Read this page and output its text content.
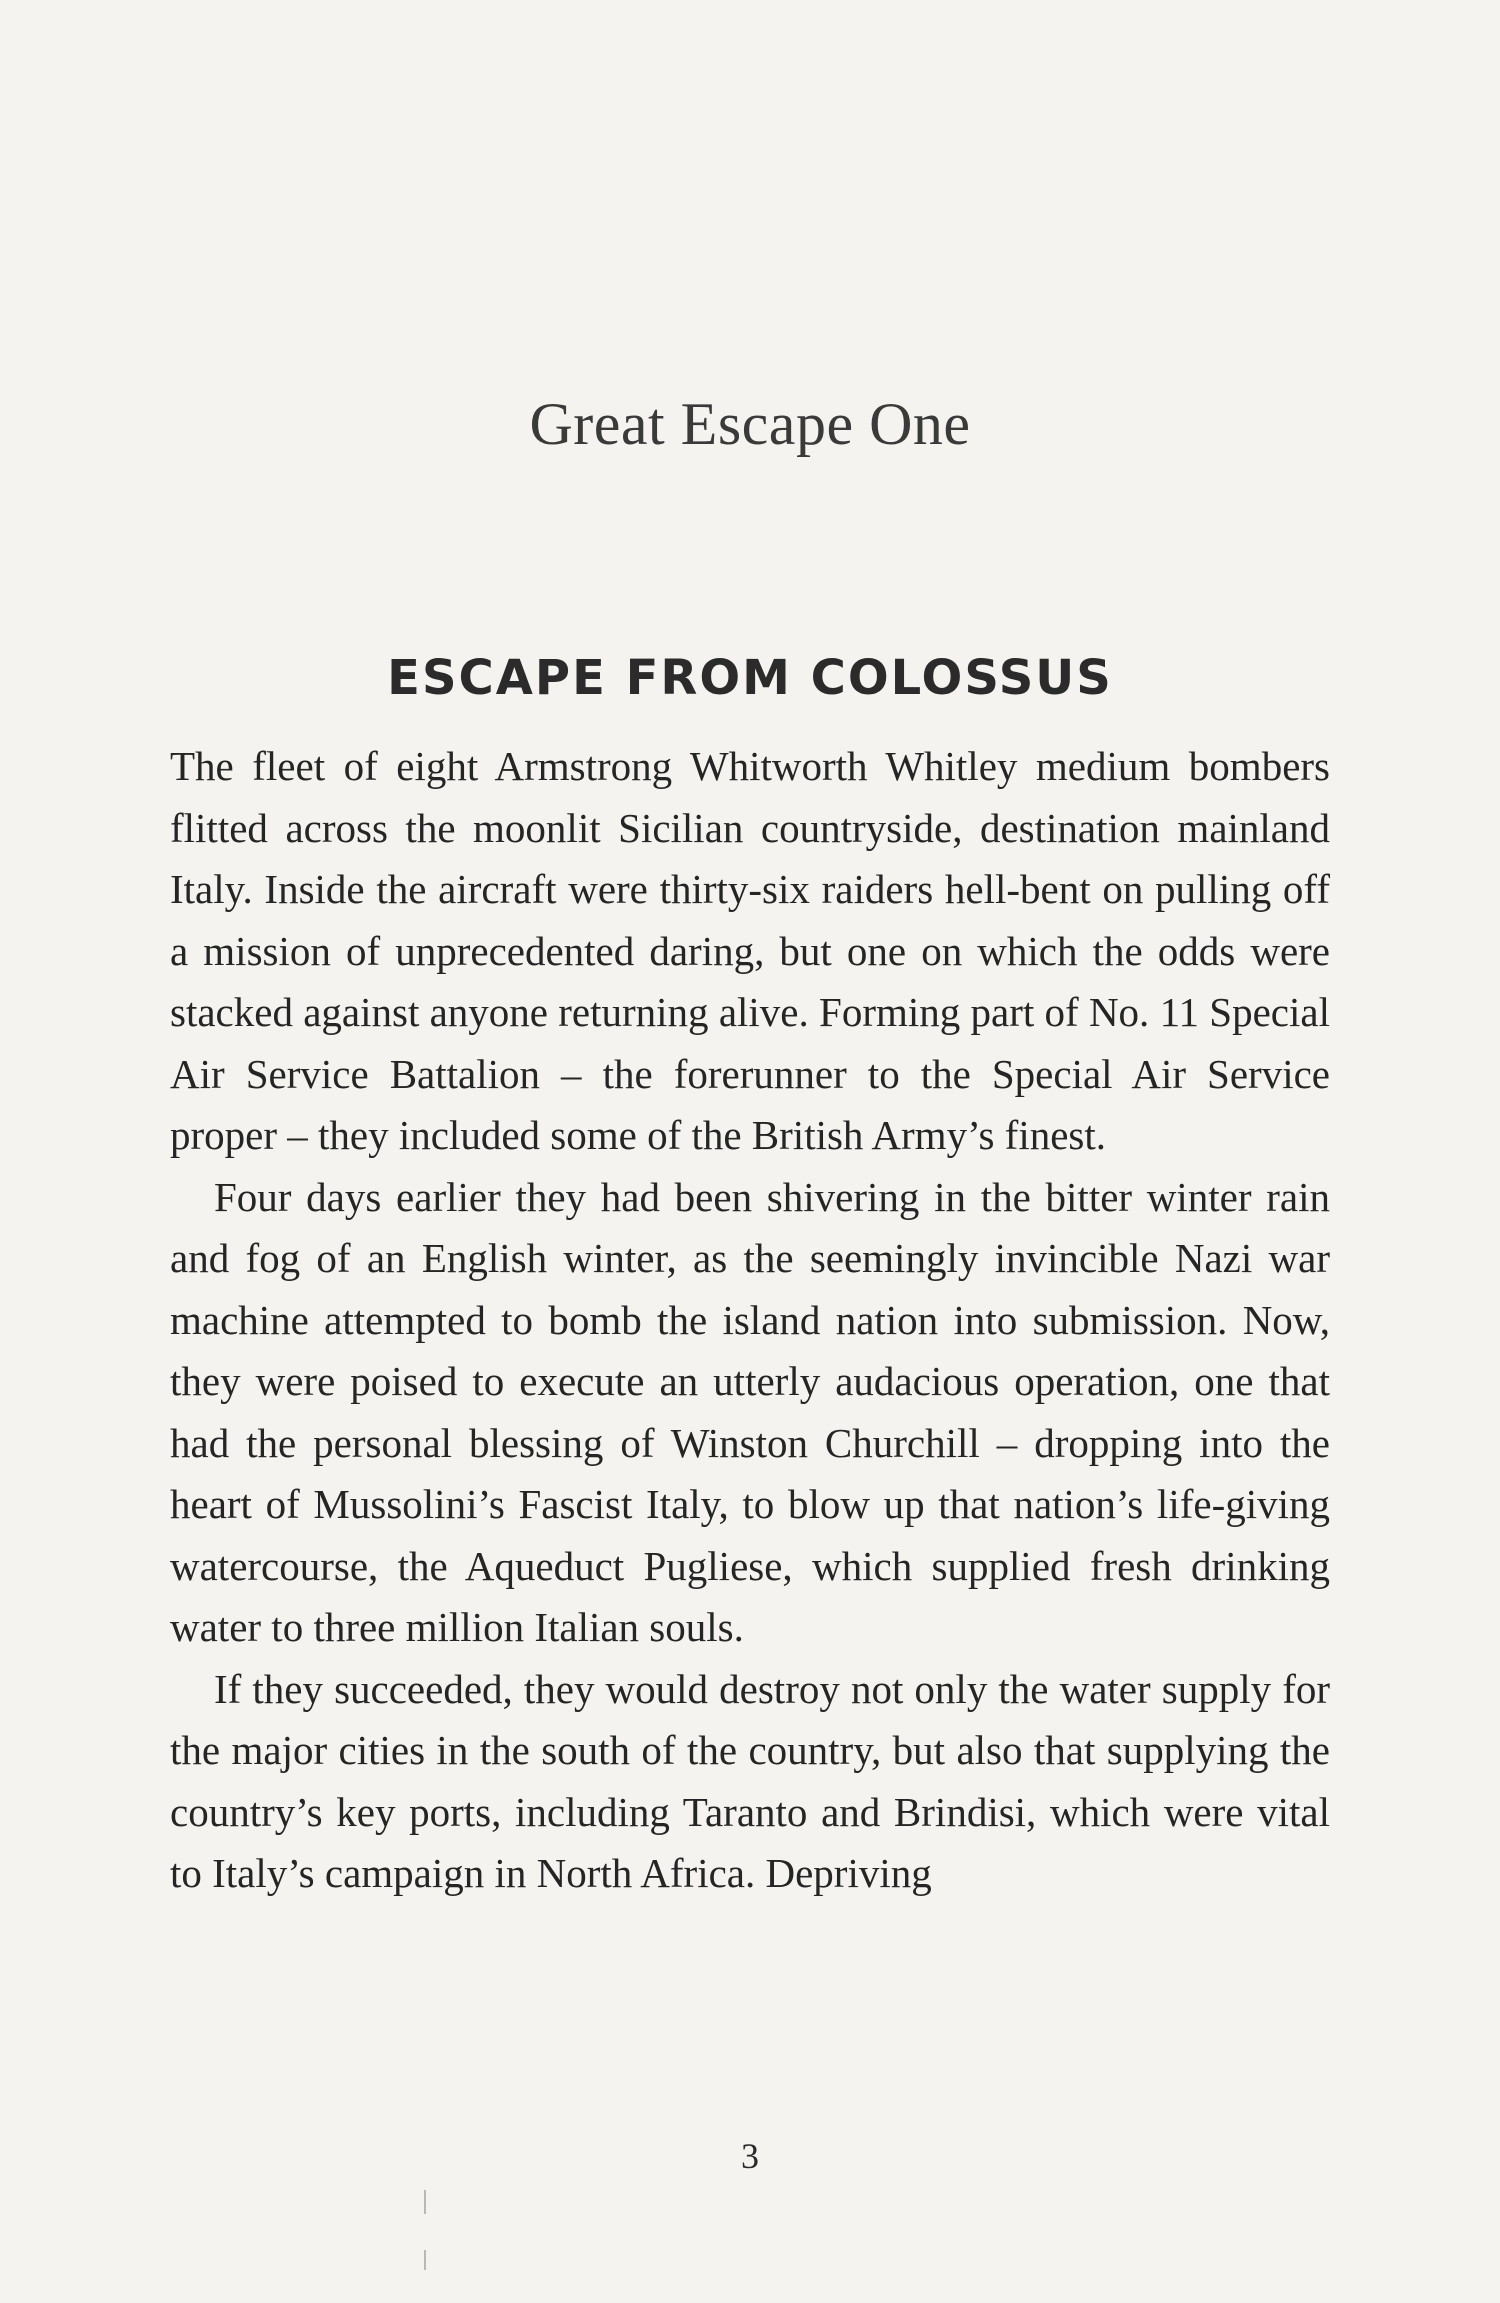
Great Escape One
ESCAPE FROM COLOSSUS

The fleet of eight Armstrong Whitworth Whitley medium bombers flitted across the moonlit Sicilian countryside, destination mainland Italy. Inside the aircraft were thirty-six raiders hell-bent on pulling off a mission of unprecedented daring, but one on which the odds were stacked against anyone returning alive. Forming part of No. 11 Special Air Service Battalion – the forerunner to the Special Air Service proper – they included some of the British Army’s finest.

Four days earlier they had been shivering in the bitter winter rain and fog of an English winter, as the seemingly invincible Nazi war machine attempted to bomb the island nation into submission. Now, they were poised to execute an utterly audacious operation, one that had the personal blessing of Winston Churchill – dropping into the heart of Mussolini’s Fascist Italy, to blow up that nation’s life-giving watercourse, the Aqueduct Pugliese, which supplied fresh drinking water to three million Italian souls.

If they succeeded, they would destroy not only the water supply for the major cities in the south of the country, but also that supplying the country’s key ports, including Taranto and Brindisi, which were vital to Italy’s campaign in North Africa. Depriving

3
